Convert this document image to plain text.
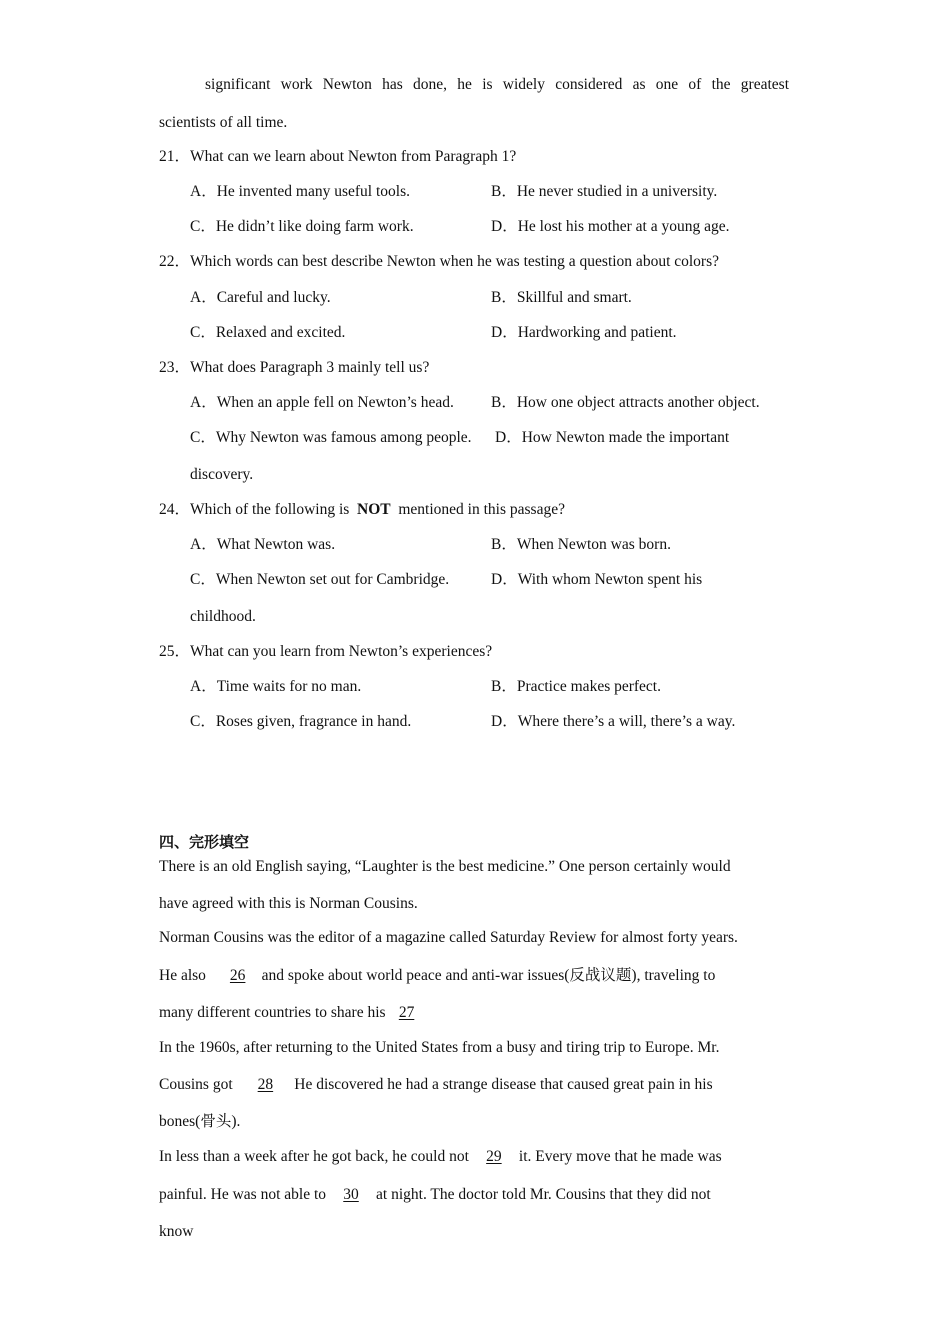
significant work Newton has done, he is widely considered as one of the greatest
scientists of all time.
21．What can we learn about Newton from Paragraph 1?
A．He invented many useful tools.	B．He never studied in a university.
C．He didn’t like doing farm work.	D．He lost his mother at a young age.
22．Which words can best describe Newton when he was testing a question about colors?
A．Careful and lucky.	B．Skillful and smart.
C．Relaxed and excited.	D．Hardworking and patient.
23．What does Paragraph 3 mainly tell us?
A．When an apple fell on Newton’s head. B．How one object attracts another object.
C．Why Newton was famous among people. D．How Newton made the important
discovery.
24．Which of the following is  NOT  mentioned in this passage?
A．What Newton was.	B．When Newton was born.
C．When Newton set out for Cambridge.	D．With whom Newton spent his
childhood.
25．What can you learn from Newton’s experiences?
A．Time waits for no man.	B．Practice makes perfect.
C．Roses given, fragrance in hand.	D．Where there’s a will, there’s a way.
四、完形填空
There is an old English saying, “Laughter is the best medicine.” One person certainly would
have agreed with this is Norman Cousins.
Norman Cousins was the editor of a magazine called Saturday Review for almost forty years.
He also  26 and spoke about world peace and anti-war issues(反战议题), traveling to
many different countries to share his 27
In the 1960s, after returning to the United States from a busy and tiring trip to Europe. Mr.
Cousins got  28 He discovered he had a strange disease that caused great pain in his
bones(骨头).
In less than a week after he got back, he could not 29 it. Every move that he made was
painful. He was not able to 30 at night. The doctor told Mr. Cousins that they did not
know
